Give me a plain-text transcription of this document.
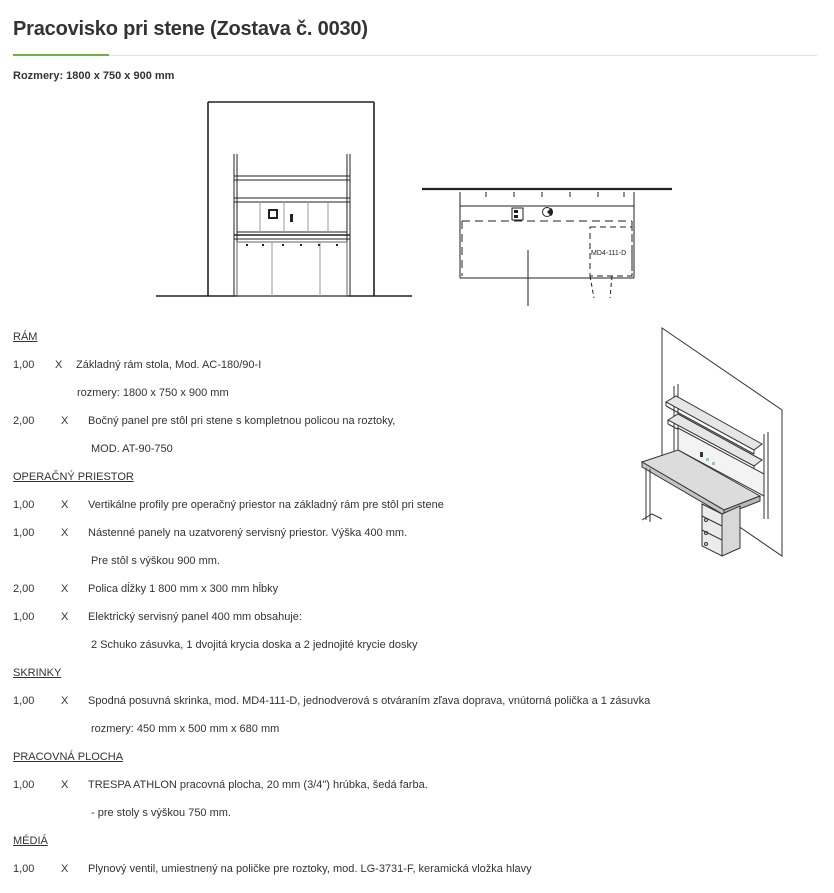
Pracovisko pri stene (Zostava č. 0030)
Rozmery: 1800 x 750 x 900 mm
MD4-111-D
RÁM
1,00 X Základný rám stola, Mod. AC-180/90-I
rozmery: 1800 x 750 x 900 mm
2,00 X Bočný panel pre stôl pri stene s kompletnou policou na roztoky,
MOD. AT-90-750
OPERAČNÝ PRIESTOR
1,00 X Vertikálne profily pre operačný priestor na základný rám pre stôl pri stene
1,00 X Nástenné panely na uzatvorený servisný priestor. Výška 400 mm.
Pre stôl s výškou 900 mm.
2,00 X Polica dĺžky 1 800 mm x 300 mm hĺbky
1,00 X Elektrický servisný panel 400 mm obsahuje:
2 Schuko zásuvka, 1 dvojitá krycia doska a 2 jednojité krycie dosky
SKRINKY
1,00 X Spodná posuvná skrinka, mod. MD4-111-D, jednodverová s otváraním zľava doprava, vnútorná polička a 1 zásuvka
rozmery: 450 mm x 500 mm x 680 mm
PRACOVNÁ PLOCHA
1,00 X TRESPA ATHLON pracovná plocha, 20 mm (3/4") hrúbka, šedá farba.
- pre stoly s výškou 750 mm.
MÉDIÁ
1,00 X Plynový ventil, umiestnený na poličke pre roztoky, mod. LG-3731-F, keramická vložka hlavy
